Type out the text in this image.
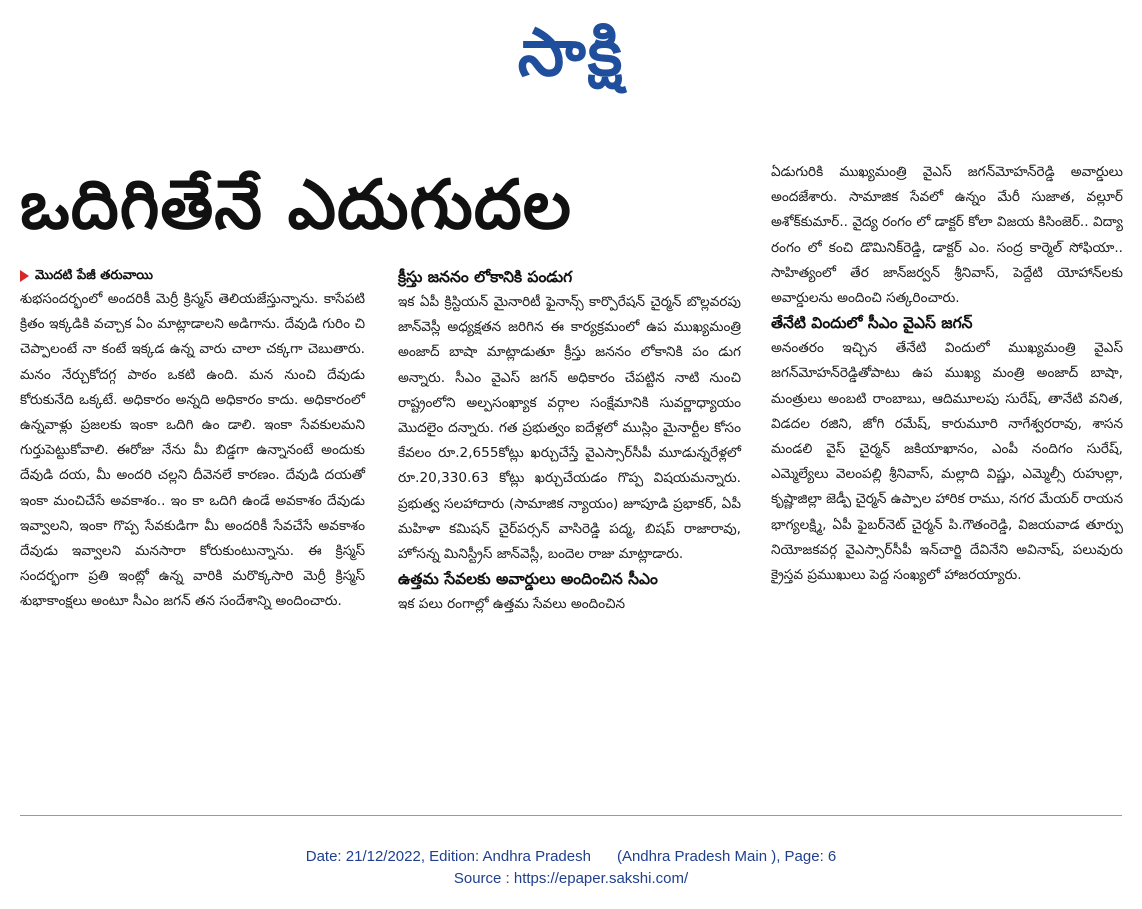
సాక్షి
ఒదిగితేనే ఎదుగుదల

మొదటి పేజీ తరువాయి

శుభసందర్భంలో అందరికీ మెర్రీ క్రిస్మస్ తెలియజేస్తున్నాను. కాసేపటి క్రితం ఇక్కడికి వచ్చాక ఏం మాట్లాడాలని అడిగాను. దేవుడి గురిం చి చెప్పాలంటే నా కంటే ఇక్కడ ఉన్న వారు చాలా చక్కగా చెబుతారు. మనం నేర్చుకోదగ్గ పాఠం ఒకటి ఉంది. మన నుంచి దేవుడు కోరుకునేది ఒక్కటే. అధికారం అన్నది అధికారం కాదు. అధికారంలో ఉన్నవాళ్లు ప్రజలకు ఇంకా ఒదిగి ఉం డాలి. ఇంకా సేవకులమని గుర్తుపెట్టుకోవాలి. ఈరోజు నేను మీ బిడ్డగా ఉన్నానంటే అందుకు దేవుడి దయ, మీ అందరి చల్లని దీవెనలే కారణం. దేవుడి దయతో ఇంకా మంచిచేసే అవకాశం.. ఇం కా ఒదిగి ఉండే అవకాశం దేవుడు ఇవ్వాలని, ఇంకా గొప్ప సేవకుడిగా మీ అందరికీ సేవచేసే అవకాశం దేవుడు ఇవ్వాలని మనసారా కోరుకుంటున్నాను. ఈ క్రిస్మస్ సందర్భంగా ప్రతి ఇంట్లో ఉన్న వారికి మరొక్కసారి మెర్రీ క్రిస్మస్ శుభాకాంక్షలు అంటూ సీఎం జగన్ తన సందేశాన్ని అందించారు.

క్రీస్తు జననం లోకానికి పండుగ

ఇక ఏపీ క్రిస్టియన్ మైనారిటీ ఫైనాన్స్ కార్పొరేషన్ చైర్మన్ బొల్లవరపు జాన్‌వెస్లీ అధ్యక్షతన జరిగిన ఈ కార్యక్రమంలో ఉప ముఖ్యమంత్రి అంజాద్ బాషా మాట్లాడుతూ క్రీస్తు జననం లోకానికి పం డుగ అన్నారు. సీఎం వైఎస్ జగన్ అధికారం చేపట్టిన నాటి నుంచి రాష్ట్రంలోని అల్పసంఖ్యాక వర్గాల సంక్షేమానికి సువర్ణాధ్యాయం మొదలైం దన్నారు. గత ప్రభుత్వం ఐదేళ్లలో ముస్లిం మైనార్టీల కోసం కేవలం రూ.2,655కోట్లు ఖర్చుచేస్తే వైఎస్సార్‌సీపీ మూడున్నరేళ్లలో రూ.20,330.63 కోట్లు ఖర్చుచేయడం గొప్ప విషయమన్నారు. ప్రభుత్వ సలహాదారు (సామాజిక న్యాయం) జూపూడి ప్రభాకర్, ఏపీ మహిళా కమిషన్ చైర్‌పర్సన్ వాసిరెడ్డి పద్మ, బిషప్ రాజారావు, హోసన్న మినిస్ట్రీస్ జాన్‌వెస్లీ, బందెల రాజు మాట్లాడారు.

ఉత్తమ సేవలకు అవార్డులు అందించిన సీఎం

ఇక పలు రంగాల్లో ఉత్తమ సేవలు అందించిన

ఏడుగురికి ముఖ్యమంత్రి వైఎస్ జగన్‌మోహన్‌రెడ్డి అవార్డులు అందజేశారు. సామాజిక సేవలో ఉన్నం మేరీ సుజాత, వల్లూర్ అశోక్‌కుమార్.. వైద్య రంగం లో డాక్టర్ కోలా విజయ కిసింజెర్.. విద్యా రంగం లో కంచి డొమినిక్‌రెడ్డి, డాక్టర్ ఎం. సంద్ర కార్మెల్ సోఫియా.. సాహిత్యంలో తేర జాన్‌జర్వన్ శ్రీనివాస్, పెద్దేటి యోహాన్‌లకు అవార్డులను అందించి సత్కరించారు.

తేనేటి విందులో సీఎం వైఎస్ జగన్

అనంతరం ఇచ్చిన తేనేటి విందులో ముఖ్యమంత్రి వైఎస్ జగన్‌మోహన్‌రెడ్డితోపాటు ఉప ముఖ్య మంత్రి అంజాద్ బాషా, మంత్రులు అంబటి రాంబాబు, ఆదిమూలపు సురేష్, తానేటి వనిత, విడదల రజిని, జోగి రమేష్, కారుమూరి నాగేశ్వరరావు, శాసన మండలి వైస్ చైర్మన్ జకియాఖానం, ఎంపీ నందిగం సురేష్, ఎమ్మెల్యేలు వెలంపల్లి శ్రీనివాస్, మల్లాది విష్ణు, ఎమ్మెల్సీ రుహుల్లా, కృష్ణాజిల్లా జెడ్పీ చైర్మన్ ఉప్పాల హారిక రాము, నగర మేయర్ రాయన భాగ్యలక్ష్మి, ఏపీ ఫైబర్‌నెట్ చైర్మన్ పి.గౌతంరెడ్డి, విజయవాడ తూర్పు నియోజకవర్గ వైఎస్సార్‌సీపీ ఇన్‌చార్జి దేవినేని అవినాష్, పలువురు క్రైస్తవ ప్రముఖులు పెద్ద సంఖ్యలో హాజరయ్యారు.

Date: 21/12/2022, Edition: Andhra Pradesh (Andhra Pradesh Main ), Page: 6
Source : https://epaper.sakshi.com/
